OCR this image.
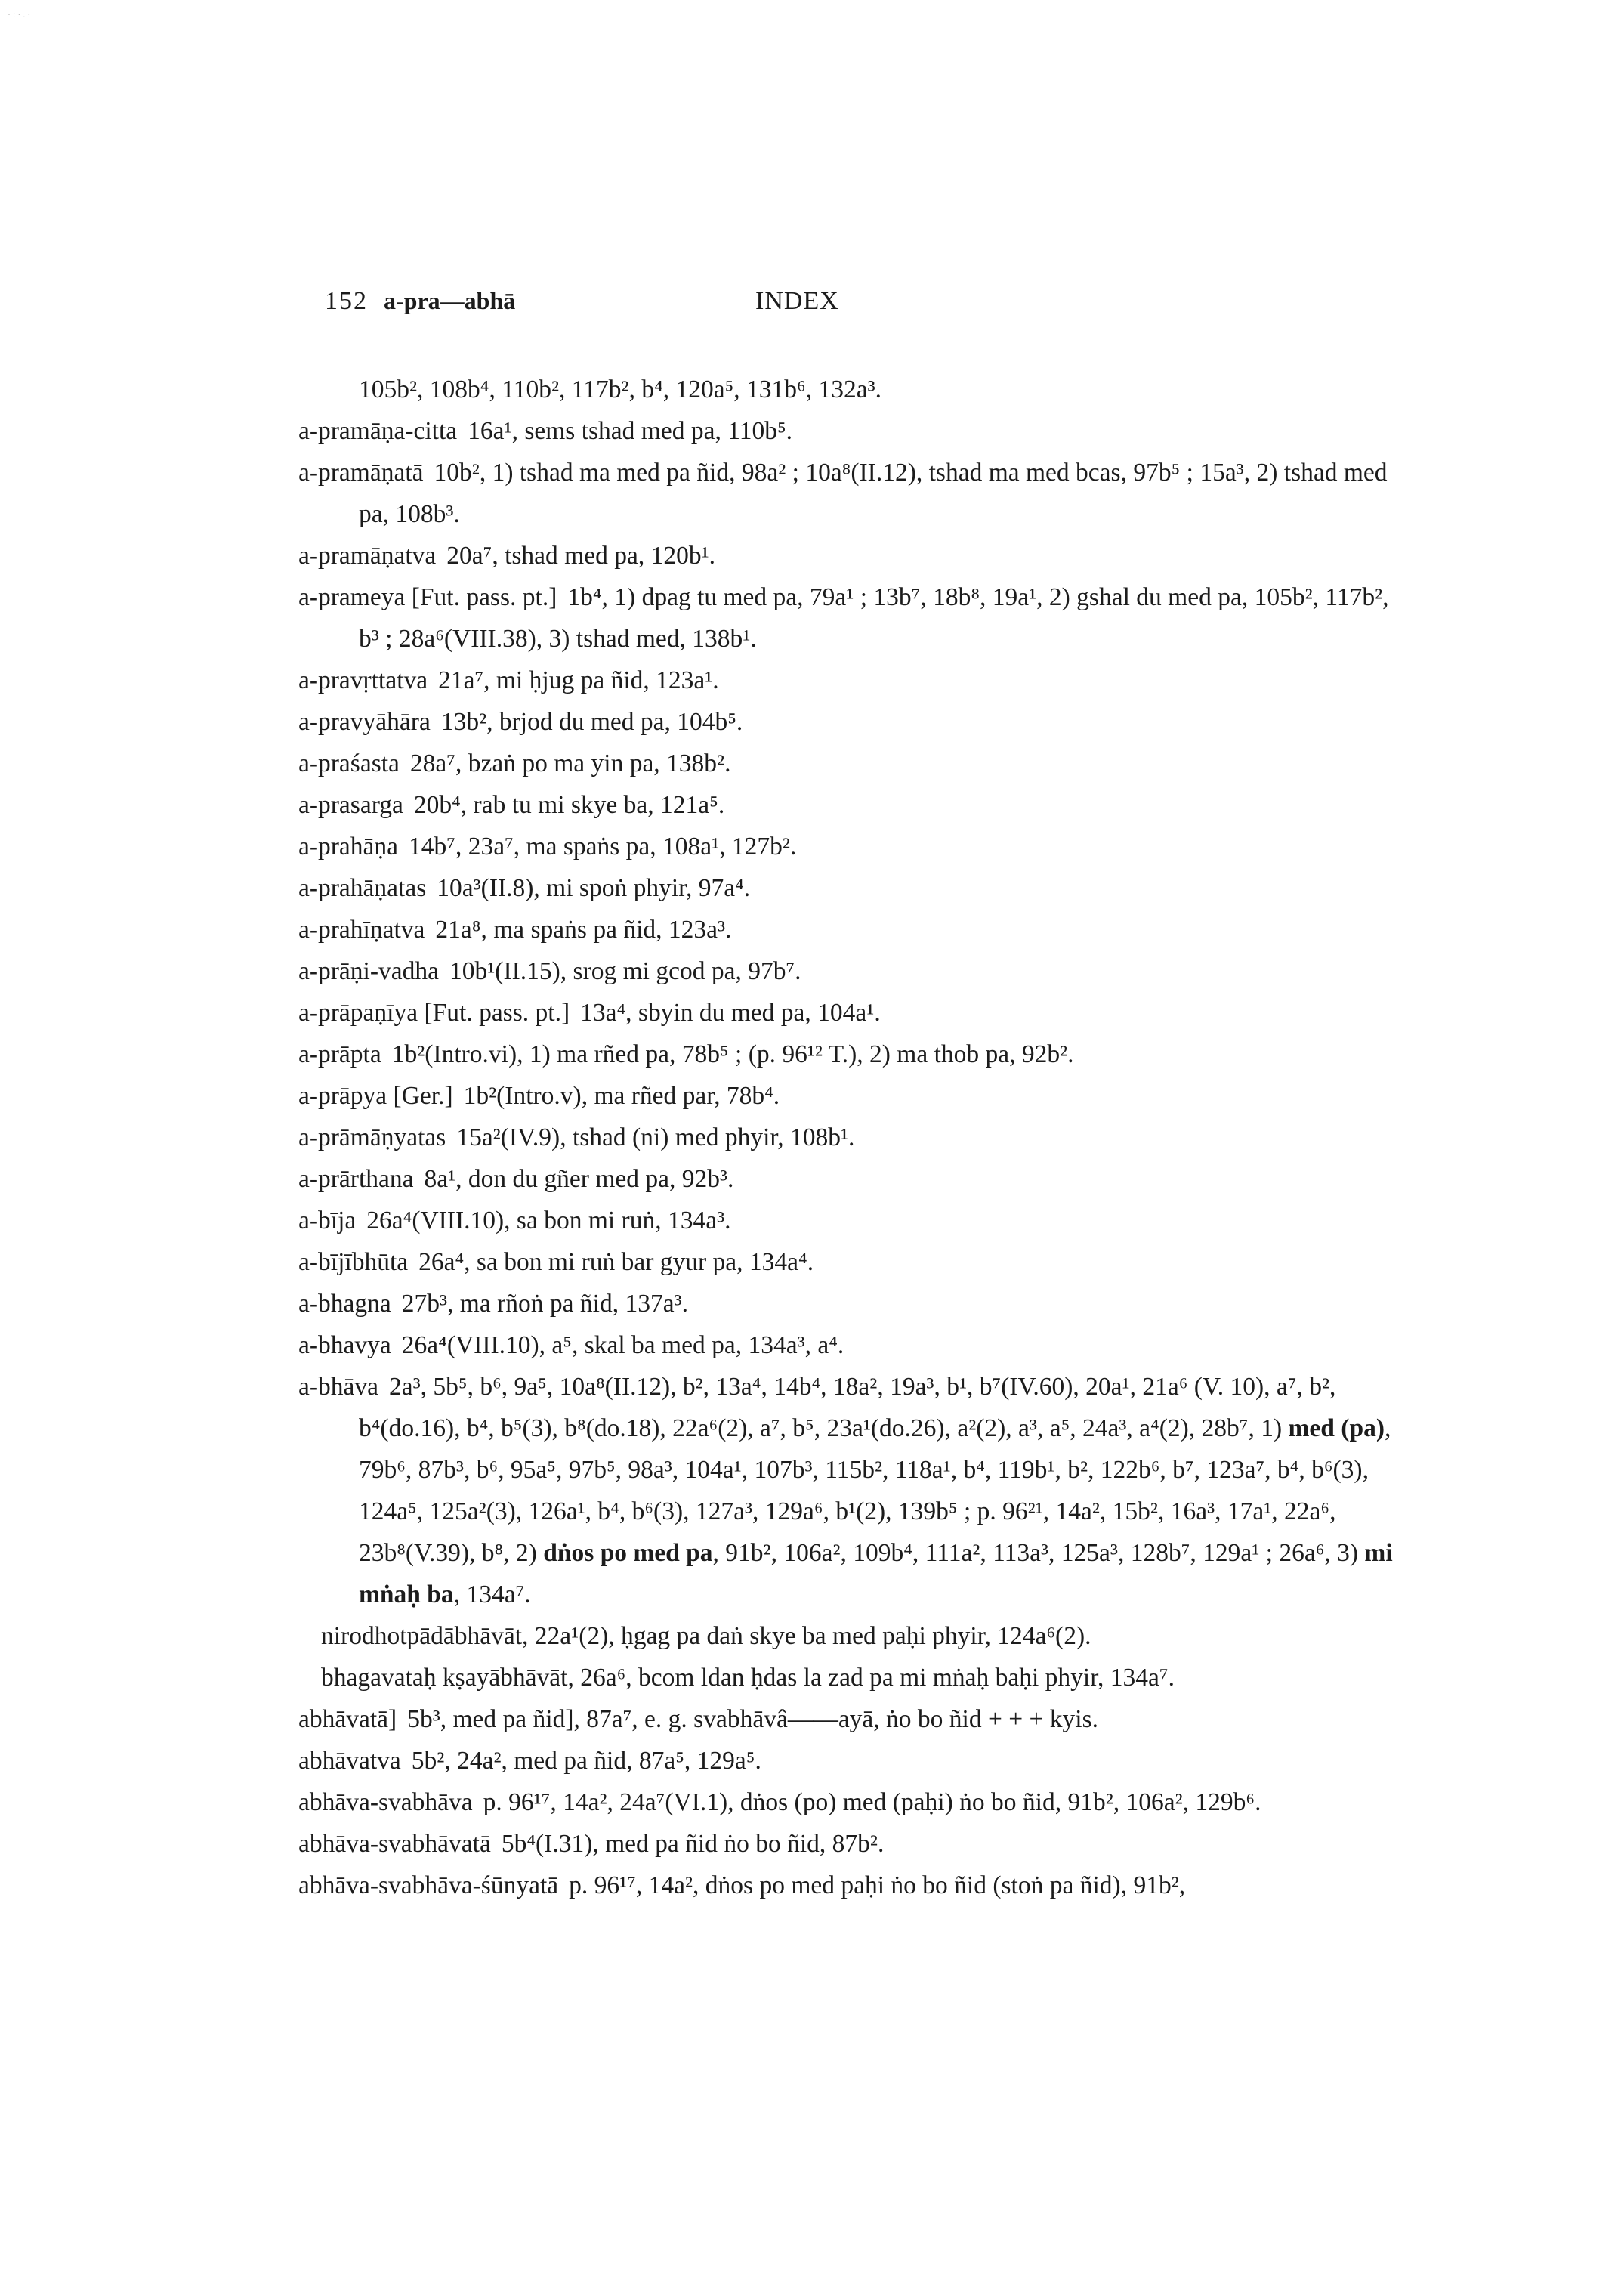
·:·.·
152 a-pra—abhā	INDEX

105b², 108b⁴, 110b², 117b², b⁴, 120a⁵, 131b⁶, 132a³.

a-pramāṇa-citta 16a¹, sems tshad med pa, 110b⁵.

a-pramāṇatā 10b², 1) tshad ma med pa ñid, 98a² ; 10a⁸(II.12), tshad ma med bcas, 97b⁵ ; 15a³, 2) tshad med pa, 108b³.

a-pramāṇatva 20a⁷, tshad med pa, 120b¹.

a-prameya [Fut. pass. pt.] 1b⁴, 1) dpag tu med pa, 79a¹ ; 13b⁷, 18b⁸, 19a¹, 2) gshal du med pa, 105b², 117b², b³ ; 28a⁶(VIII.38), 3) tshad med, 138b¹.

a-pravṛttatva 21a⁷, mi ḥjug pa ñid, 123a¹.

a-pravyāhāra 13b², brjod du med pa, 104b⁵.

a-praśasta 28a⁷, bzaṅ po ma yin pa, 138b².

a-prasarga 20b⁴, rab tu mi skye ba, 121a⁵.

a-prahāṇa 14b⁷, 23a⁷, ma spaṅs pa, 108a¹, 127b².

a-prahāṇatas 10a³(II.8), mi spoṅ phyir, 97a⁴.

a-prahīṇatva 21a⁸, ma spaṅs pa ñid, 123a³.

a-prāṇi-vadha 10b¹(II.15), srog mi gcod pa, 97b⁷.

a-prāpaṇīya [Fut. pass. pt.] 13a⁴, sbyin du med pa, 104a¹.

a-prāpta 1b²(Intro.vi), 1) ma rñed pa, 78b⁵ ; (p. 96¹² T.), 2) ma thob pa, 92b².

a-prāpya [Ger.] 1b²(Intro.v), ma rñed par, 78b⁴.

a-prāmāṇyatas 15a²(IV.9), tshad (ni) med phyir, 108b¹.

a-prārthana 8a¹, don du gñer med pa, 92b³.

a-bīja 26a⁴(VIII.10), sa bon mi ruṅ, 134a³.

a-bījībhūta 26a⁴, sa bon mi ruṅ bar gyur pa, 134a⁴.

a-bhagna 27b³, ma rñoṅ pa ñid, 137a³.

a-bhavya 26a⁴(VIII.10), a⁵, skal ba med pa, 134a³, a⁴.

a-bhāva 2a³, 5b⁵, b⁶, 9a⁵, 10a⁸(II.12), b², 13a⁴, 14b⁴, 18a², 19a³, b¹, b⁷(IV.60), 20a¹, 21a⁶ (V. 10), a⁷, b², b⁴(do.16), b⁴, b⁵(3), b⁸(do.18), 22a⁶(2), a⁷, b⁵, 23a¹(do.26), a²(2), a³, a⁵, 24a³, a⁴(2), 28b⁷, 1) med (pa), 79b⁶, 87b³, b⁶, 95a⁵, 97b⁵, 98a³, 104a¹, 107b³, 115b², 118a¹, b⁴, 119b¹, b², 122b⁶, b⁷, 123a⁷, b⁴, b⁶(3), 124a⁵, 125a²(3), 126a¹, b⁴, b⁶(3), 127a³, 129a⁶, b¹(2), 139b⁵ ; p. 96²¹, 14a², 15b², 16a³, 17a¹, 22a⁶, 23b⁸(V.39), b⁸, 2) dṅos po med pa, 91b², 106a², 109b⁴, 111a², 113a³, 125a³, 128b⁷, 129a¹ ; 26a⁶, 3) mi mṅaḥ ba, 134a⁷.

nirodhotpādābhāvāt, 22a¹(2), ḥgag pa daṅ skye ba med paḥi phyir, 124a⁶(2).

bhagavataḥ kṣayābhāvāt, 26a⁶, bcom ldan ḥdas la zad pa mi mṅaḥ baḥi phyir, 134a⁷.

abhāvatā] 5b³, med pa ñid], 87a⁷, e. g. svabhāvâ——ayā, ṅo bo ñid + + + kyis.

abhāvatva 5b², 24a², med pa ñid, 87a⁵, 129a⁵.

abhāva-svabhāva p. 96¹⁷, 14a², 24a⁷(VI.1), dṅos (po) med (paḥi) ṅo bo ñid, 91b², 106a², 129b⁶.

abhāva-svabhāvatā 5b⁴(I.31), med pa ñid ṅo bo ñid, 87b².

abhāva-svabhāva-śūnyatā p. 96¹⁷, 14a², dṅos po med paḥi ṅo bo ñid (stoṅ pa ñid), 91b²,
